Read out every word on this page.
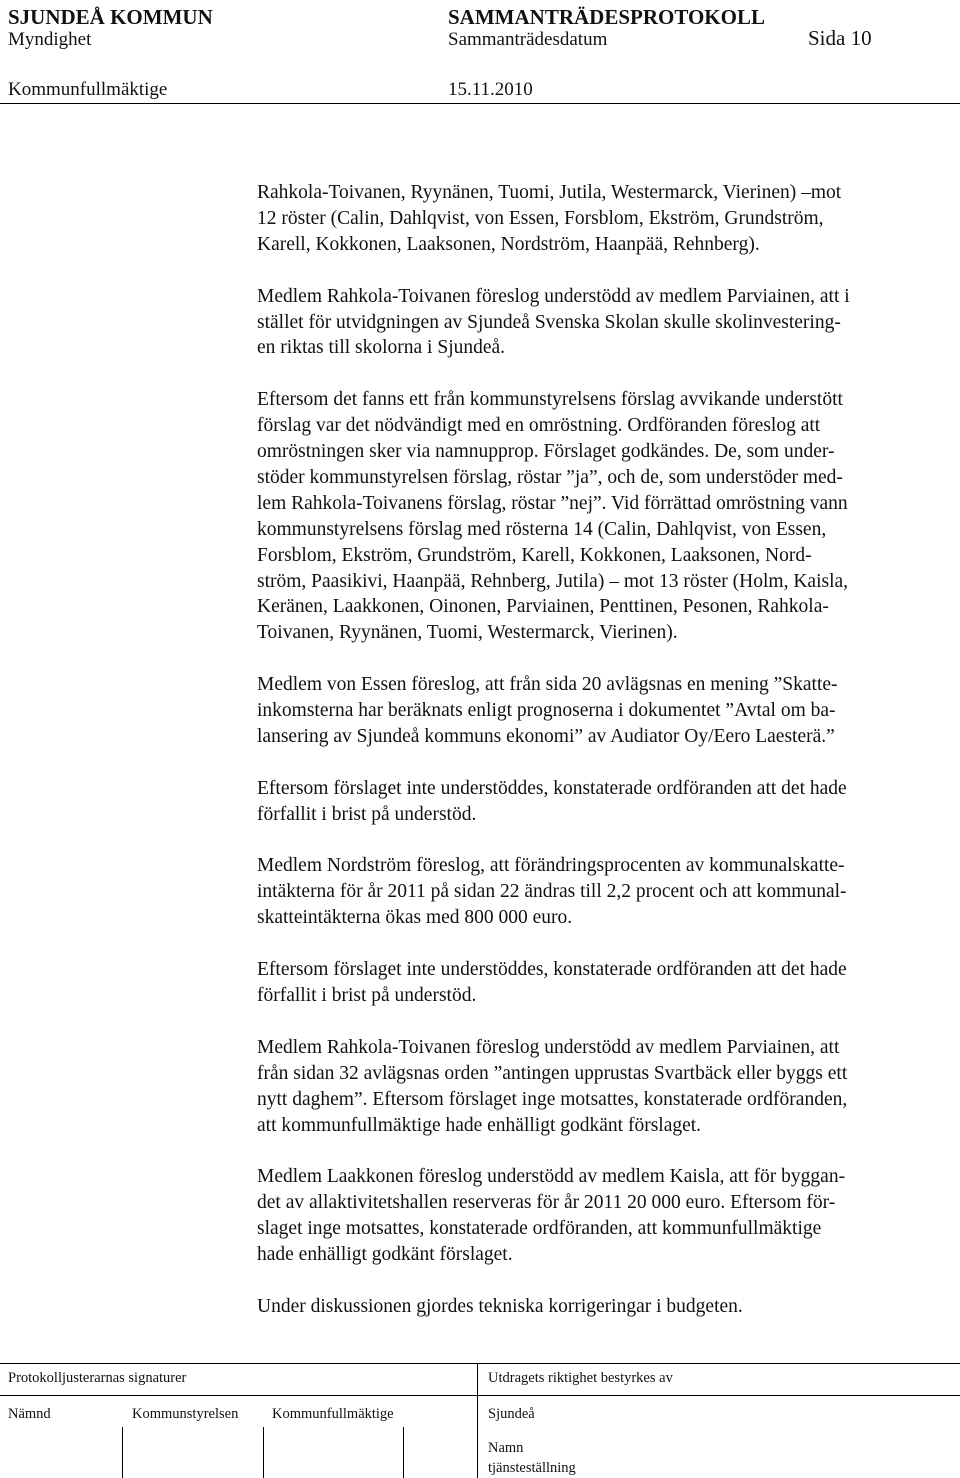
SJUNDEÅ KOMMUN	SAMMANTRÄDESPROTOKOLL
Myndighet	Sammanträdesdatum	Sida 10
Kommunfullmäktige	15.11.2010
Rahkola-Toivanen, Ryynänen, Tuomi, Jutila, Westermarck, Vierinen) –mot
12 röster (Calin, Dahlqvist, von Essen, Forsblom, Ekström, Grundström,
Karell, Kokkonen, Laaksonen, Nordström, Haanpää, Rehnberg).
Medlem Rahkola-Toivanen föreslog understödd av medlem Parviainen, att i
stället för utvidgningen av Sjundeå Svenska Skolan skulle skolinvestering-
en riktas till skolorna i Sjundeå.
Eftersom det fanns ett från kommunstyrelsens förslag avvikande understött
förslag var det nödvändigt med en omröstning. Ordföranden föreslog att
omröstningen sker via namnupprop. Förslaget godkändes. De, som under-
stöder kommunstyrelsen förslag, röstar ”ja”, och de, som understöder med-
lem Rahkola-Toivanens förslag, röstar ”nej”. Vid förrättad omröstning vann
kommunstyrelsens förslag med rösterna 14 (Calin, Dahlqvist, von Essen,
Forsblom, Ekström, Grundström, Karell, Kokkonen, Laaksonen, Nord-
ström, Paasikivi, Haanpää, Rehnberg, Jutila) – mot 13 röster (Holm, Kaisla,
Keränen, Laakkonen, Oinonen, Parviainen, Penttinen, Pesonen, Rahkola-
Toivanen, Ryynänen, Tuomi, Westermarck, Vierinen).
Medlem von Essen föreslog, att från sida 20 avlägsnas en mening ”Skatte-
inkomsterna har beräknats enligt prognoserna i dokumentet ”Avtal om ba-
lansering av Sjundeå kommuns ekonomi” av Audiator Oy/Eero Laesterä.”
Eftersom förslaget inte understöddes, konstaterade ordföranden att det hade
förfallit i brist på understöd.
Medlem Nordström föreslog, att förändringsprocenten av kommunalskatte-
intäkterna för år 2011 på sidan 22 ändras till 2,2 procent och att kommunal-
skatteintäkterna ökas med 800 000 euro.
Eftersom förslaget inte understöddes, konstaterade ordföranden att det hade
förfallit i brist på understöd.
Medlem Rahkola-Toivanen föreslog understödd av medlem Parviainen, att
från sidan 32 avlägsnas orden ”antingen upprustas Svartbäck eller byggs ett
nytt daghem”. Eftersom förslaget inge motsattes, konstaterade ordföranden,
att kommunfullmäktige hade enhälligt godkänt förslaget.
Medlem Laakkonen föreslog understödd av medlem Kaisla, att för byggan-
det av allaktivitetshallen reserveras för år 2011 20 000 euro. Eftersom för-
slaget inge motsattes, konstaterade ordföranden, att kommunfullmäktige
hade enhälligt godkänt förslaget.
Under diskussionen gjordes tekniska korrigeringar i budgeten.
Protokolljusterarnas signaturer	Utdragets riktighet bestyrkes av
Nämnd	Kommunstyrelsen Kommunfullmäktige	Sjundeå
Namn
tjänsteställning
